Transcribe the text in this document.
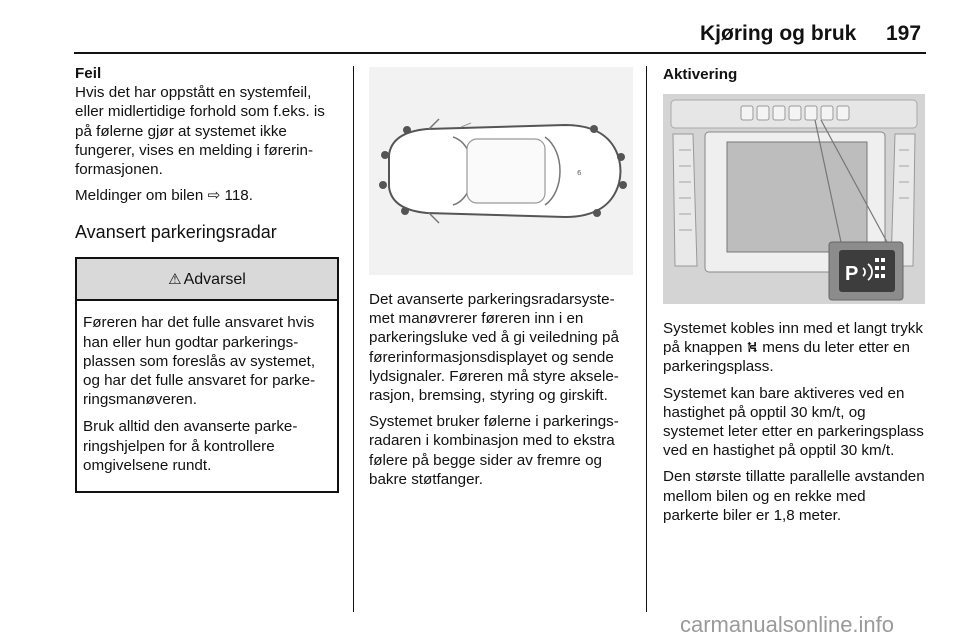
Kjøring og bruk 197
Feil

Hvis det har oppstått en systemfeil, eller midlertidige forhold som f.eks. is på følerne gjør at systemet ikke fungerer, vises en melding i førerinformasjonen.

Meldinger om bilen ⇨ 118.

Avansert parkeringsradar
⚠ Advarsel

Føreren har det fulle ansvaret hvis han eller hun godtar parkeringsplassen som foreslås av systemet, og har det fulle ansvaret for parkeringsmanøveren.

Bruk alltid den avanserte parkeringshjelpen for å kontrollere omgivelsene rundt.

6

Det avanserte parkeringsradarsystemet manøvrerer føreren inn i en parkeringsluke ved å gi veiledning på førerinformasjonsdisplayet og sende lydsignaler. Føreren må styre akselerasjon, bremsing, styring og girskift.

Systemet bruker følerne i parkeringsradaren i kombinasjon med to ekstra følere på begge sider av fremre og bakre støtfanger.

Aktivering
P

Systemet kobles inn med et langt trykk på knappen ⛕ mens du leter etter en parkeringsplass.

Systemet kan bare aktiveres ved en hastighet på opptil 30 km/t, og systemet leter etter en parkeringsplass ved en hastighet på opptil 30 km/t.

Den største tillatte parallelle avstanden mellom bilen og en rekke med parkerte biler er 1,8 meter.

carmanualsonline.info
